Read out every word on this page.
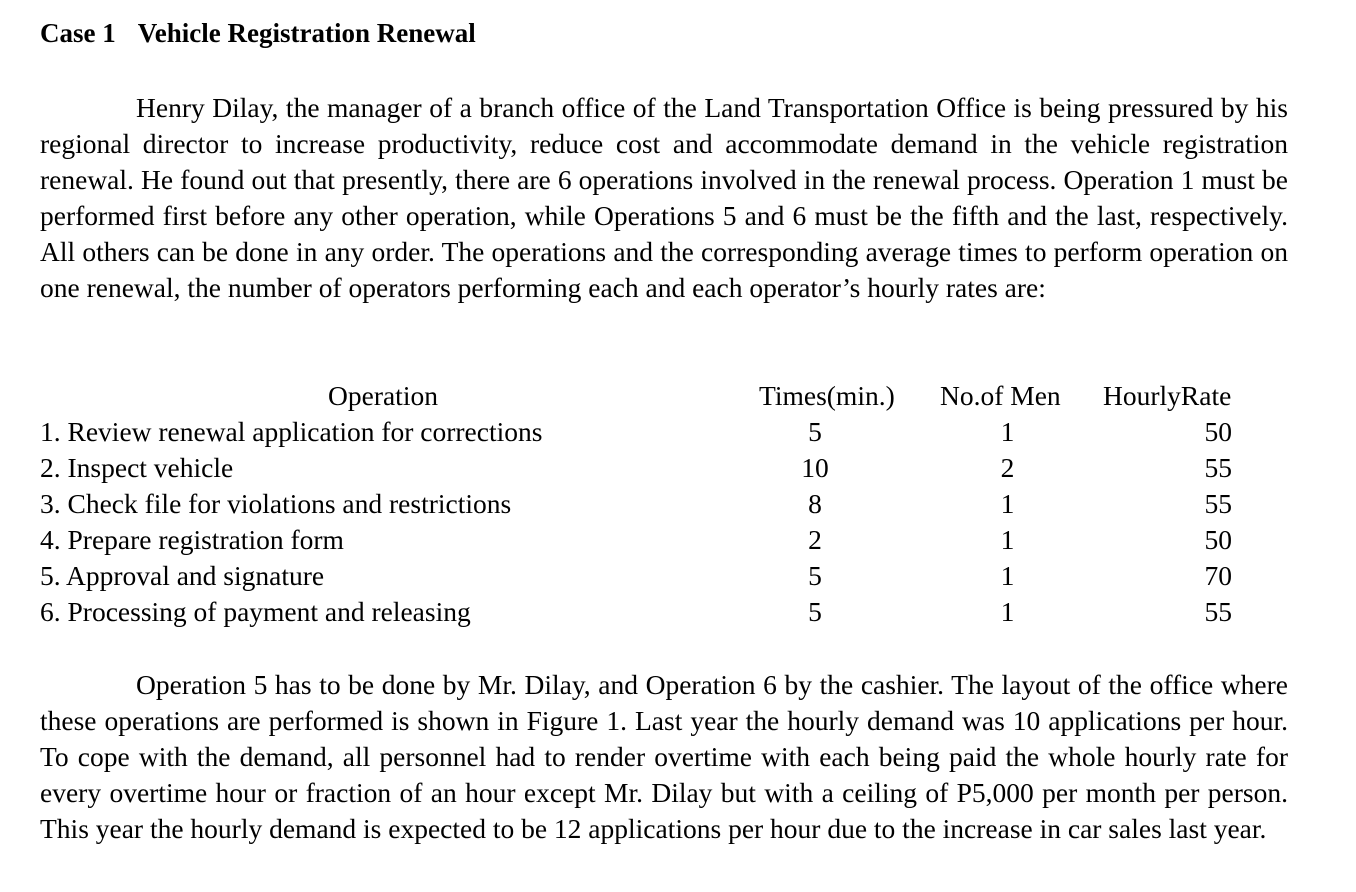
Case 1 Vehicle Registration Renewal

Henry Dilay, the manager of a branch office of the Land Transportation Office is being pressured by his regional director to increase productivity, reduce cost and accommodate demand in the vehicle registration renewal. He found out that presently, there are 6 operations involved in the renewal process. Operation 1 must be performed first before any other operation, while Operations 5 and 6 must be the fifth and the last, respectively. All others can be done in any order. The operations and the corresponding average times to perform operation on one renewal, the number of operators performing each and each operator’s hourly rates are:

Operation	Times(min.) No.of Men HourlyRate
1. Review renewal application for corrections	5	1	50
2. Inspect vehicle	10	2	55
3. Check file for violations and restrictions	8	1	55
4. Prepare registration form	2	1	50
5. Approval and signature	5	1	70
6. Processing of payment and releasing	5	1	55

Operation 5 has to be done by Mr. Dilay, and Operation 6 by the cashier. The layout of the office where these operations are performed is shown in Figure 1. Last year the hourly demand was 10 applications per hour. To cope with the demand, all personnel had to render overtime with each being paid the whole hourly rate for every overtime hour or fraction of an hour except Mr. Dilay but with a ceiling of P5,000 per month per person. This year the hourly demand is expected to be 12 applications per hour due to the increase in car sales last year.
